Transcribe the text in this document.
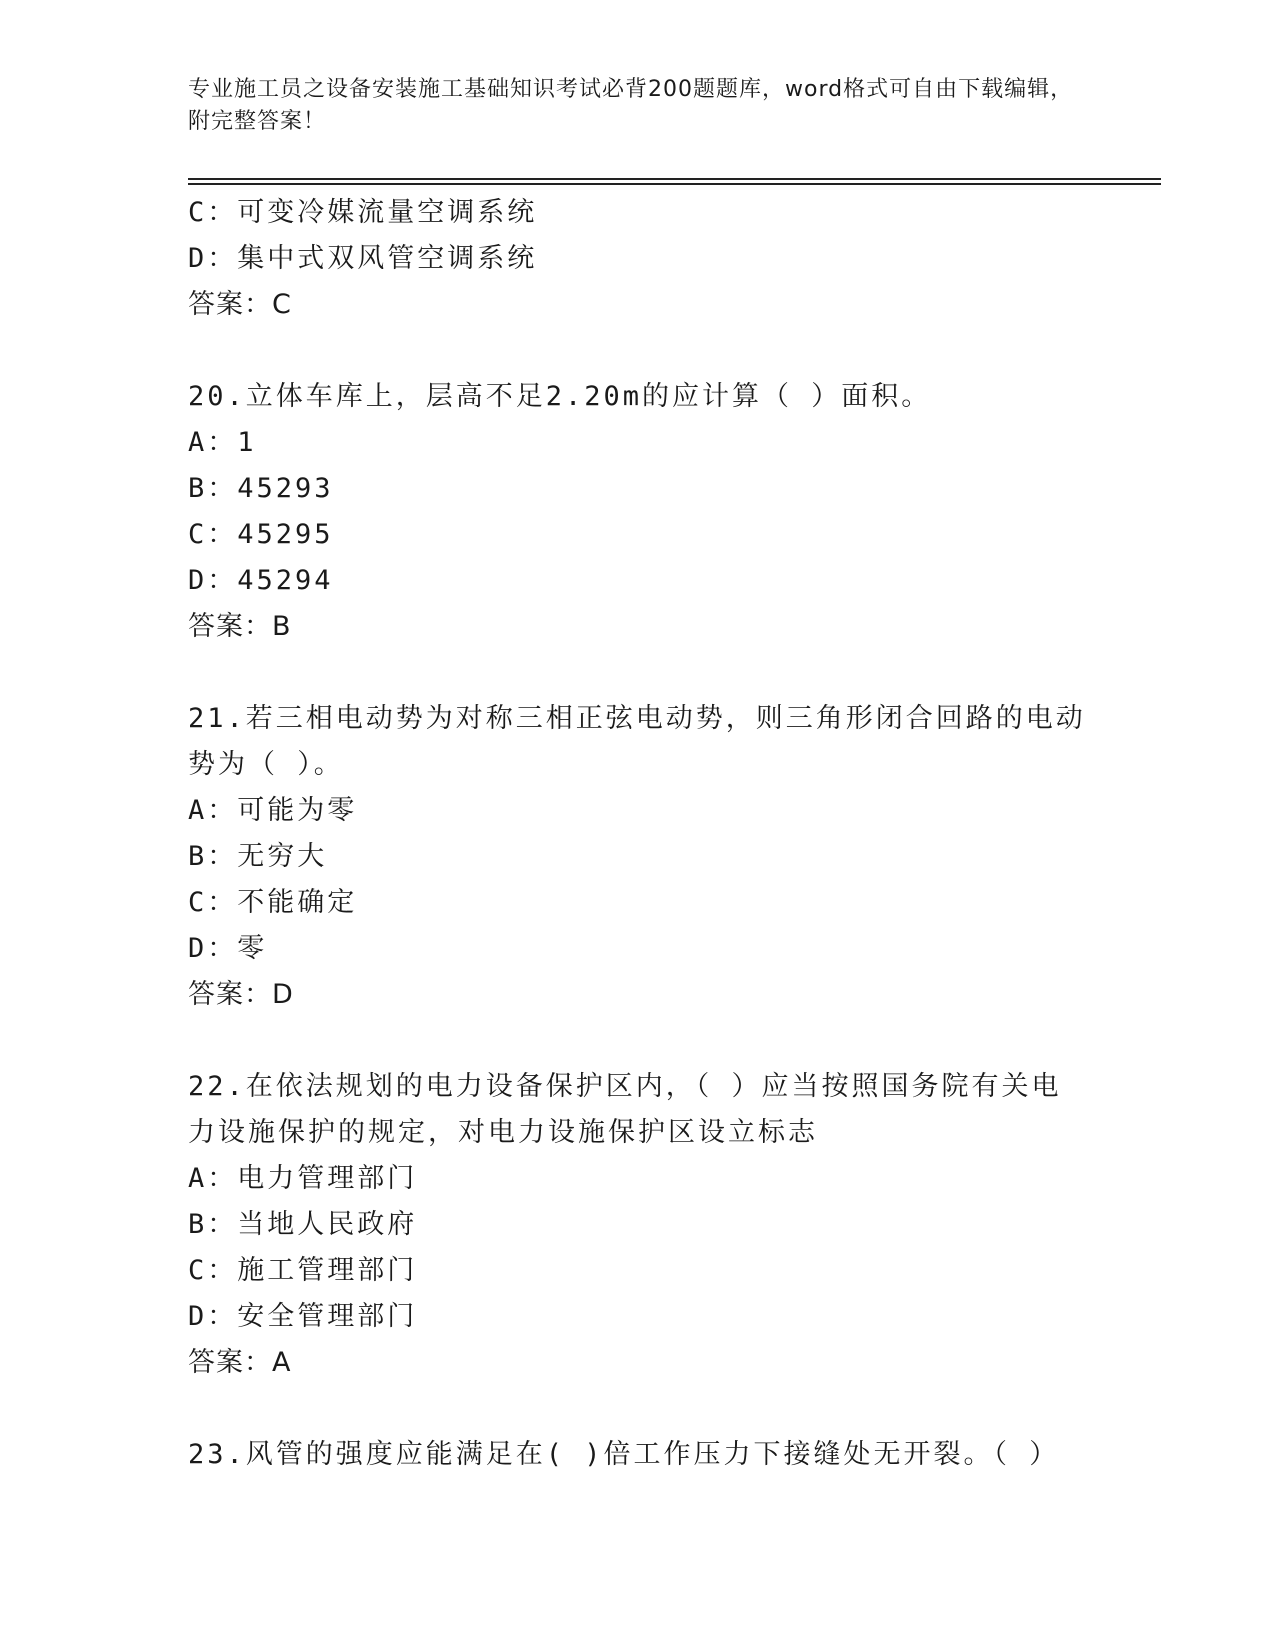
专业施工员之设备安装施工基础知识考试必背200题题库，word格式可自由下载编辑，附完整答案！
C：可变冷媒流量空调系统
D：集中式双风管空调系统
答案：C
20.立体车库上，层高不足2.20m的应计算（ ）面积。
A：1
B：45293
C：45295
D：45294
答案：B
21.若三相电动势为对称三相正弦电动势，则三角形闭合回路的电动势为（ ）。
A：可能为零
B：无穷大
C：不能确定
D：零
答案：D
22.在依法规划的电力设备保护区内，（ ）应当按照国务院有关电力设施保护的规定，对电力设施保护区设立标志
A：电力管理部门
B：当地人民政府
C：施工管理部门
D：安全管理部门
答案：A
23.风管的强度应能满足在( )倍工作压力下接缝处无开裂。（ ）
